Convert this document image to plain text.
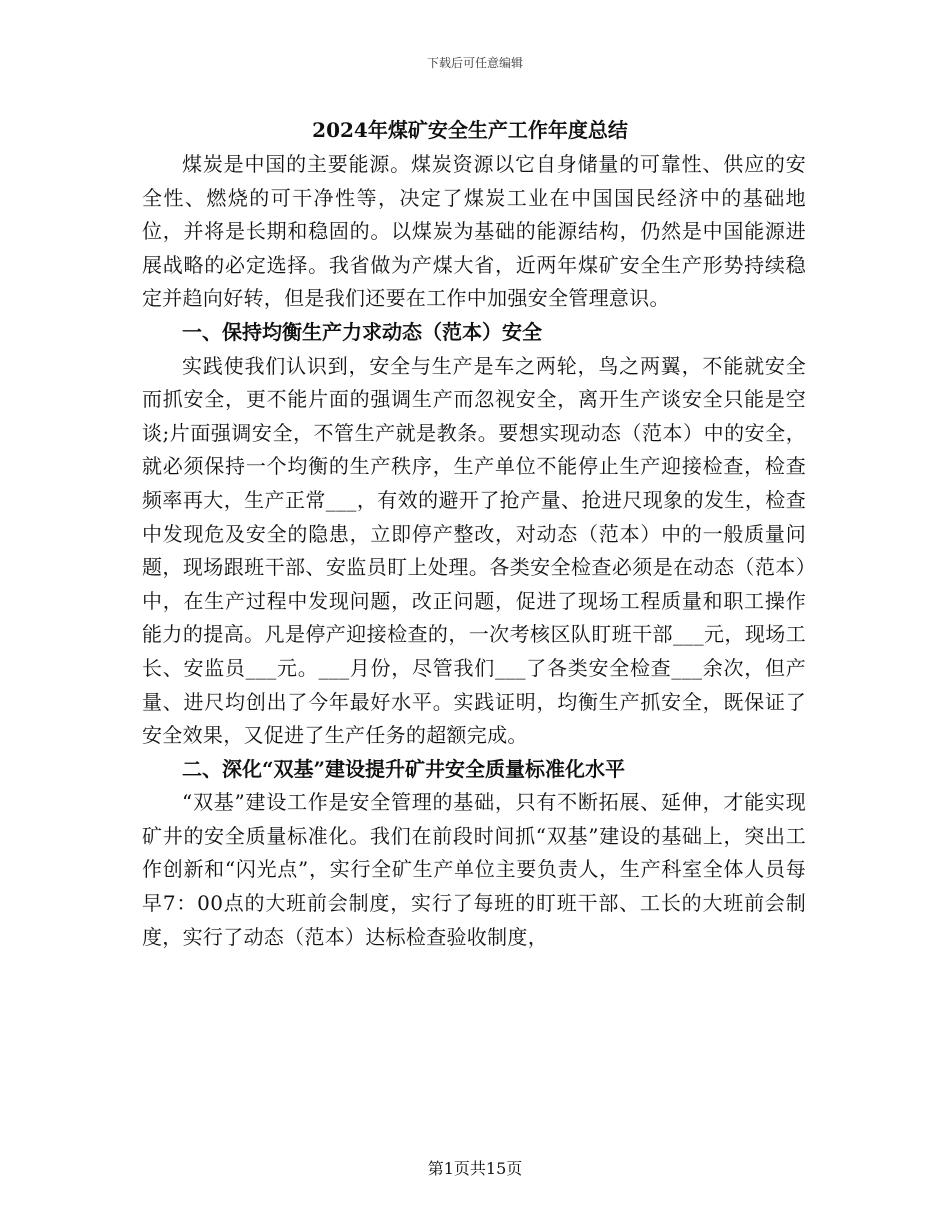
下载后可任意编辑
2024年煤矿安全生产工作年度总结

煤炭是中国的主要能源。煤炭资源以它自身储量的可靠性、供应的安全性、燃烧的可干净性等，决定了煤炭工业在中国国民经济中的基础地位，并将是长期和稳固的。以煤炭为基础的能源结构，仍然是中国能源进展战略的必定选择。我省做为产煤大省，近两年煤矿安全生产形势持续稳定并趋向好转，但是我们还要在工作中加强安全管理意识。

一、保持均衡生产力求动态（范本）安全

实践使我们认识到，安全与生产是车之两轮，鸟之两翼，不能就安全而抓安全，更不能片面的强调生产而忽视安全，离开生产谈安全只能是空谈;片面强调安全，不管生产就是教条。要想实现动态（范本）中的安全，就必须保持一个均衡的生产秩序，生产单位不能停止生产迎接检查，检查频率再大，生产正常___，有效的避开了抢产量、抢进尺现象的发生，检查中发现危及安全的隐患，立即停产整改，对动态（范本）中的一般质量问题，现场跟班干部、安监员盯上处理。各类安全检查必须是在动态（范本）中，在生产过程中发现问题，改正问题，促进了现场工程质量和职工操作能力的提高。凡是停产迎接检查的，一次考核区队盯班干部___元，现场工长、安监员___元。___月份，尽管我们___了各类安全检查___余次，但产量、进尺均创出了今年最好水平。实践证明，均衡生产抓安全，既保证了安全效果，又促进了生产任务的超额完成。

二、深化“双基”建设提升矿井安全质量标准化水平

“双基”建设工作是安全管理的基础，只有不断拓展、延伸，才能实现矿井的安全质量标准化。我们在前段时间抓“双基”建设的基础上，突出工作创新和“闪光点”，实行全矿生产单位主要负责人，生产科室全体人员每早7：00点的大班前会制度，实行了每班的盯班干部、工长的大班前会制度，实行了动态（范本）达标检查验收制度，

第1页共15页
